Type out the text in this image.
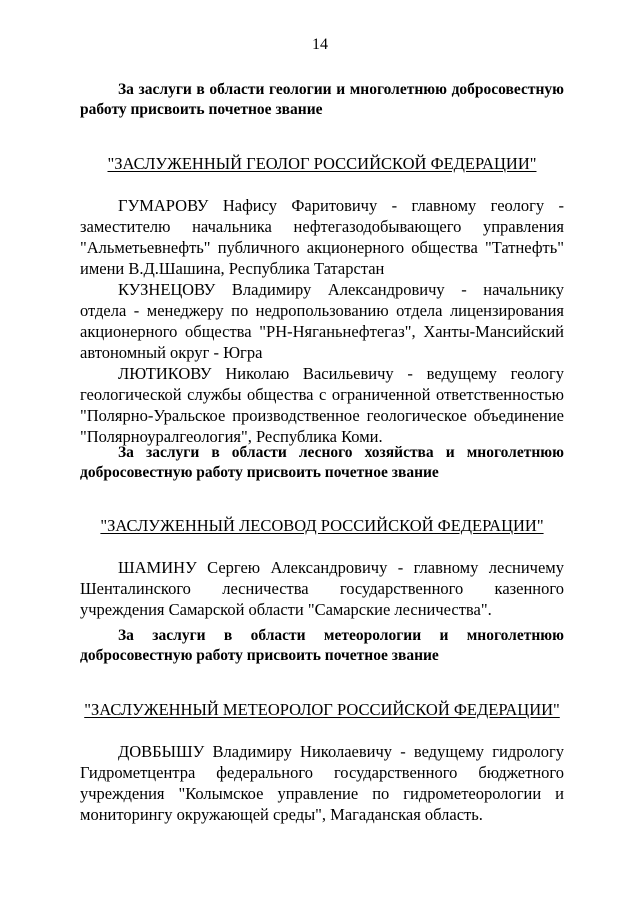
14

За заслуги в области геологии и многолетнюю добросовестную работу присвоить почетное звание

"ЗАСЛУЖЕННЫЙ ГЕОЛОГ РОССИЙСКОЙ ФЕДЕРАЦИИ"

ГУМАРОВУ Нафису Фаритовичу - главному геологу - заместителю начальника нефтегазодобывающего управления "Альметьевнефть" публичного акционерного общества "Татнефть" имени В.Д.Шашина, Республика Татарстан

КУЗНЕЦОВУ Владимиру Александровичу - начальнику отдела - менеджеру по недропользованию отдела лицензирования акционерного общества "РН-Няганьнефтегаз", Ханты-Мансийский автономный округ - Югра

ЛЮТИКОВУ Николаю Васильевичу - ведущему геологу геологической службы общества с ограниченной ответственностью "Полярно-Уральское производственное геологическое объединение "Полярноуралгеология", Республика Коми.

За заслуги в области лесного хозяйства и многолетнюю добросовестную работу присвоить почетное звание

"ЗАСЛУЖЕННЫЙ ЛЕСОВОД РОССИЙСКОЙ ФЕДЕРАЦИИ"

ШАМИНУ Сергею Александровичу - главному лесничему Шенталинского лесничества государственного казенного учреждения Самарской области "Самарские лесничества".

За заслуги в области метеорологии и многолетнюю добросовестную работу присвоить почетное звание

"ЗАСЛУЖЕННЫЙ МЕТЕОРОЛОГ РОССИЙСКОЙ ФЕДЕРАЦИИ"

ДОВБЫШУ Владимиру Николаевичу - ведущему гидрологу Гидрометцентра федерального государственного бюджетного учреждения "Колымское управление по гидрометеорологии и мониторингу окружающей среды", Магаданская область.
